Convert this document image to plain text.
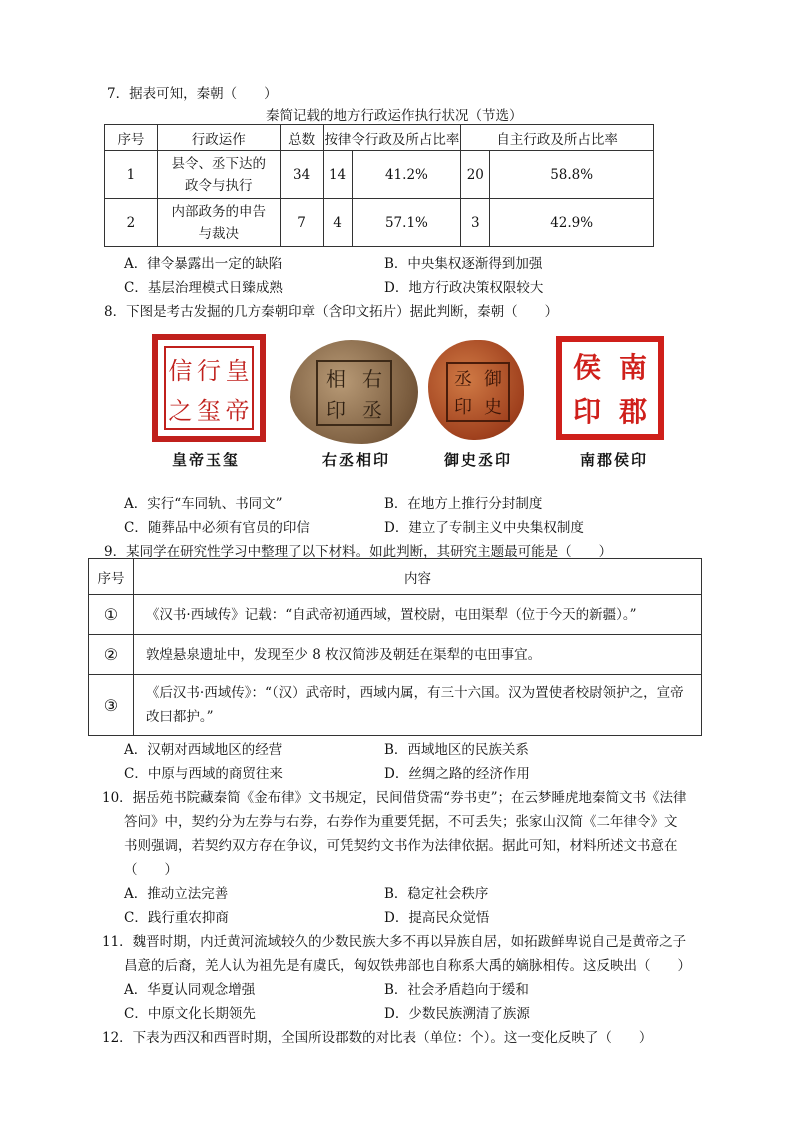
7．据表可知，秦朝（　　）
秦简记载的地方行政运作执行状况（节选）
序号	行政运作	总数	按律令行政及所占比率		自主行政及所占比率	
1	县令、丞下达的
政令与执行	34	14	41.2%	20	58.8%
2	内部政务的申告
与裁决	7	4	57.1%	3	42.9%
A．律令暴露出一定的缺陷	B．中央集权逐渐得到加强
C．基层治理模式日臻成熟	D．地方行政决策权限较大
8．下图是考古发掘的几方秦朝印章（含印文拓片）据此判断，秦朝（　　）
信 行 皇
之 玺 帝
皇帝玉玺
相 右
印 丞
右丞相印
丞 御
印 史
御史丞印
侯 南
印 郡
南郡侯印
A．实行“车同轨、书同文”	B．在地方上推行分封制度
C．随葬品中必须有官员的印信	D．建立了专制主义中央集权制度
9．某同学在研究性学习中整理了以下材料。如此判断，其研究主题最可能是（　　）
序号	内容
①	《汉书·西域传》记载：“自武帝初通西域，置校尉，屯田渠犁（位于今天的新疆）。”
②	敦煌悬泉遗址中，发现至少 8 枚汉简涉及朝廷在渠犁的屯田事宜。
③	《后汉书·西域传》：“（汉）武帝时，西域内属，有三十六国。汉为置使者校尉领护之，宣帝改曰都护。”
A．汉朝对西域地区的经营	B．西域地区的民族关系
C．中原与西域的商贸往来	D．丝绸之路的经济作用
10．据岳苑书院藏秦简《金布律》文书规定，民间借贷需“券书吏”；在云梦睡虎地秦简文书《法律
答问》中，契约分为左券与右券，右券作为重要凭据，不可丢失；张家山汉简《二年律令》文
书则强调，若契约双方存在争议，可凭契约文书作为法律依据。据此可知，材料所述文书意在
（　　）
A．推动立法完善	B．稳定社会秩序
C．践行重农抑商	D．提高民众觉悟
11．魏晋时期，内迁黄河流域较久的少数民族大多不再以异族自居，如拓跋鲜卑说自己是黄帝之子
昌意的后裔，羌人认为祖先是有虞氏，匈奴铁弗部也自称系大禹的嫡脉相传。这反映出（　　）
A．华夏认同观念增强	B．社会矛盾趋向于缓和
C．中原文化长期领先	D．少数民族溯清了族源
12．下表为西汉和西晋时期，全国所设郡数的对比表（单位：个）。这一变化反映了（　　）
